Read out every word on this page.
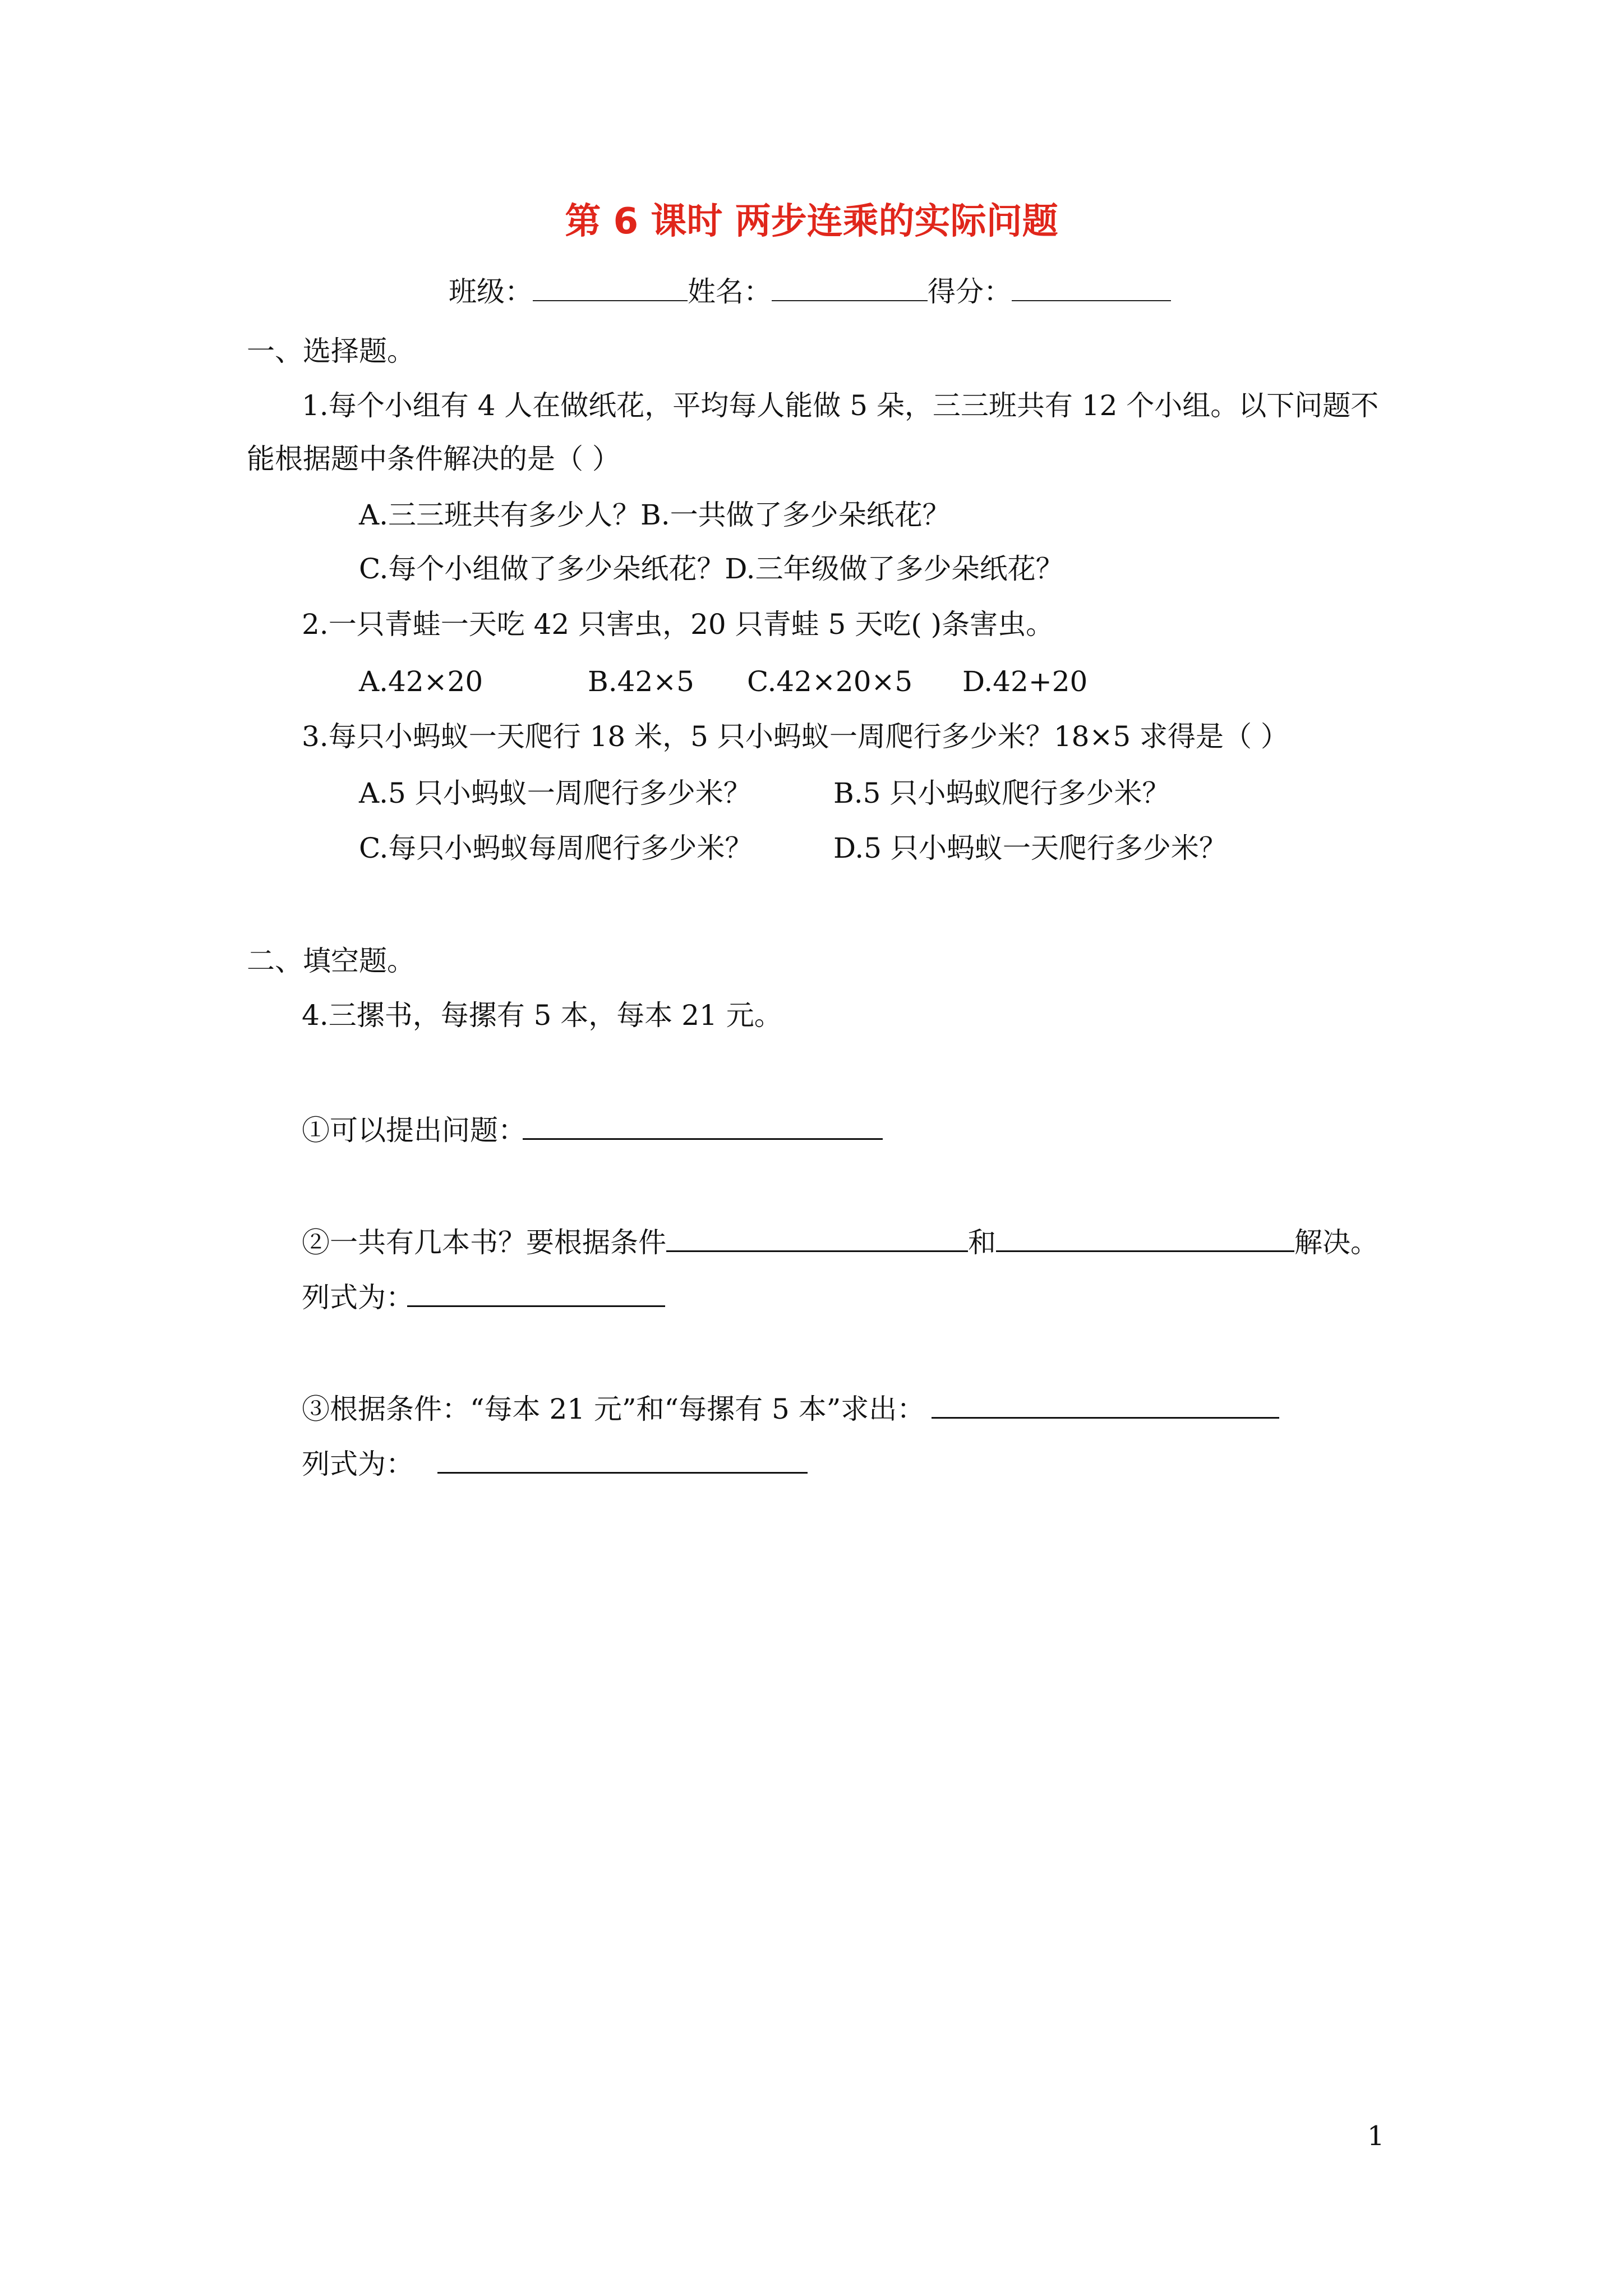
第 6 课时 两步连乘的实际问题
班级：	姓名：	得分：
一、选择题。
1.每个小组有 4 人在做纸花，平均每人能做 5 朵，三三班共有 12 个小组。以下问题不
能根据题中条件解决的是（ ）
A.三三班共有多少人？B.一共做了多少朵纸花？
C.每个小组做了多少朵纸花？D.三年级做了多少朵纸花？
2.一只青蛙一天吃 42 只害虫，20 只青蛙 5 天吃( )条害虫。
A.42×20	B.42×5 C.42×20×5 D.42+20
3.每只小蚂蚁一天爬行 18 米，5 只小蚂蚁一周爬行多少米？18×5 求得是（ ）
A.5 只小蚂蚁一周爬行多少米？	B.5 只小蚂蚁爬行多少米？
C.每只小蚂蚁每周爬行多少米？	D.5 只小蚂蚁一天爬行多少米？
二、填空题。
4.三摞书，每摞有 5 本，每本 21 元。
①可以提出问题：
②一共有几本书？要根据条件	和	解决。
列式为：
③根据条件：“每本 21 元”和“每摞有 5 本”求出：
列式为：
1
